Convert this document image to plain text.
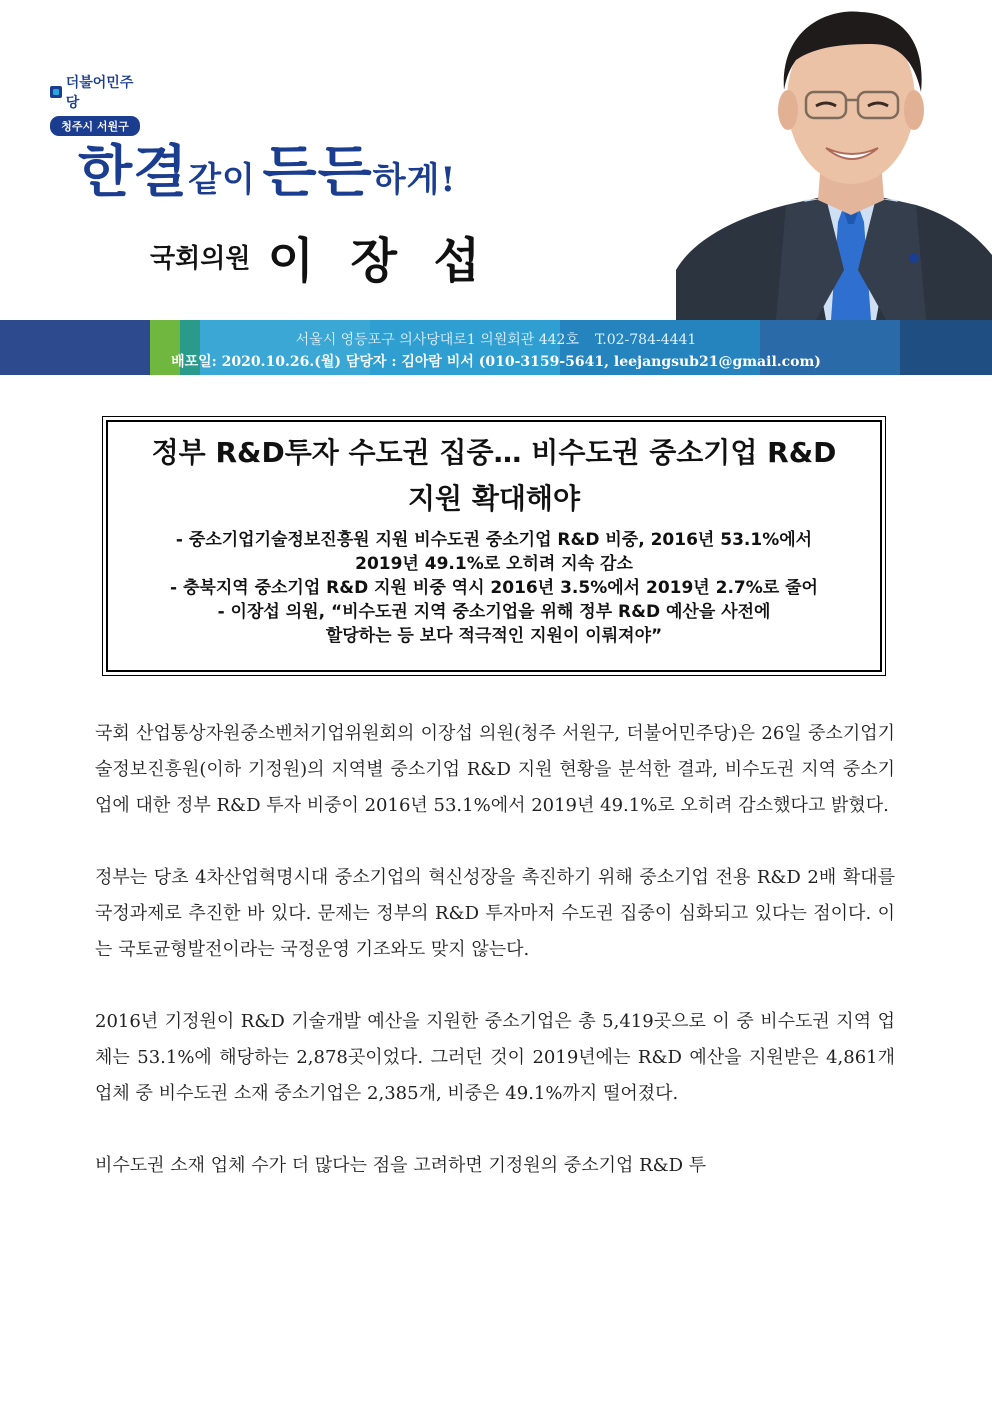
더불어민주당
청주시 서원구
한결같이 든든하게!
국회의원 이 장 섭
서울시 영등포구 의사당대로1 의원회관 442호 T.02-784-4441
배포일: 2020.10.26.(월) 담당자 : 김아람 비서 (010-3159-5641, leejangsub21@gmail.com)
정부 R&D투자 수도권 집중… 비수도권 중소기업 R&D
지원 확대해야
- 중소기업기술정보진흥원 지원 비수도권 중소기업 R&D 비중, 2016년 53.1%에서
2019년 49.1%로 오히려 지속 감소
- 충북지역 중소기업 R&D 지원 비중 역시 2016년 3.5%에서 2019년 2.7%로 줄어
- 이장섭 의원, “비수도권 지역 중소기업을 위해 정부 R&D 예산을 사전에
할당하는 등 보다 적극적인 지원이 이뤄져야”

국회 산업통상자원중소벤처기업위원회의 이장섭 의원(청주 서원구, 더불어민주당)은 26일 중소기업기술정보진흥원(이하 기정원)의 지역별 중소기업 R&D 지원 현황을 분석한 결과, 비수도권 지역 중소기업에 대한 정부 R&D 투자 비중이 2016년 53.1%에서 2019년 49.1%로 오히려 감소했다고 밝혔다.

정부는 당초 4차산업혁명시대 중소기업의 혁신성장을 촉진하기 위해 중소기업 전용 R&D 2배 확대를 국정과제로 추진한 바 있다. 문제는 정부의 R&D 투자마저 수도권 집중이 심화되고 있다는 점이다. 이는 국토균형발전이라는 국정운영 기조와도 맞지 않는다.

2016년 기정원이 R&D 기술개발 예산을 지원한 중소기업은 총 5,419곳으로 이 중 비수도권 지역 업체는 53.1%에 해당하는 2,878곳이었다. 그러던 것이 2019년에는 R&D 예산을 지원받은 4,861개 업체 중 비수도권 소재 중소기업은 2,385개, 비중은 49.1%까지 떨어졌다.

비수도권 소재 업체 수가 더 많다는 점을 고려하면 기정원의 중소기업 R&D 투
